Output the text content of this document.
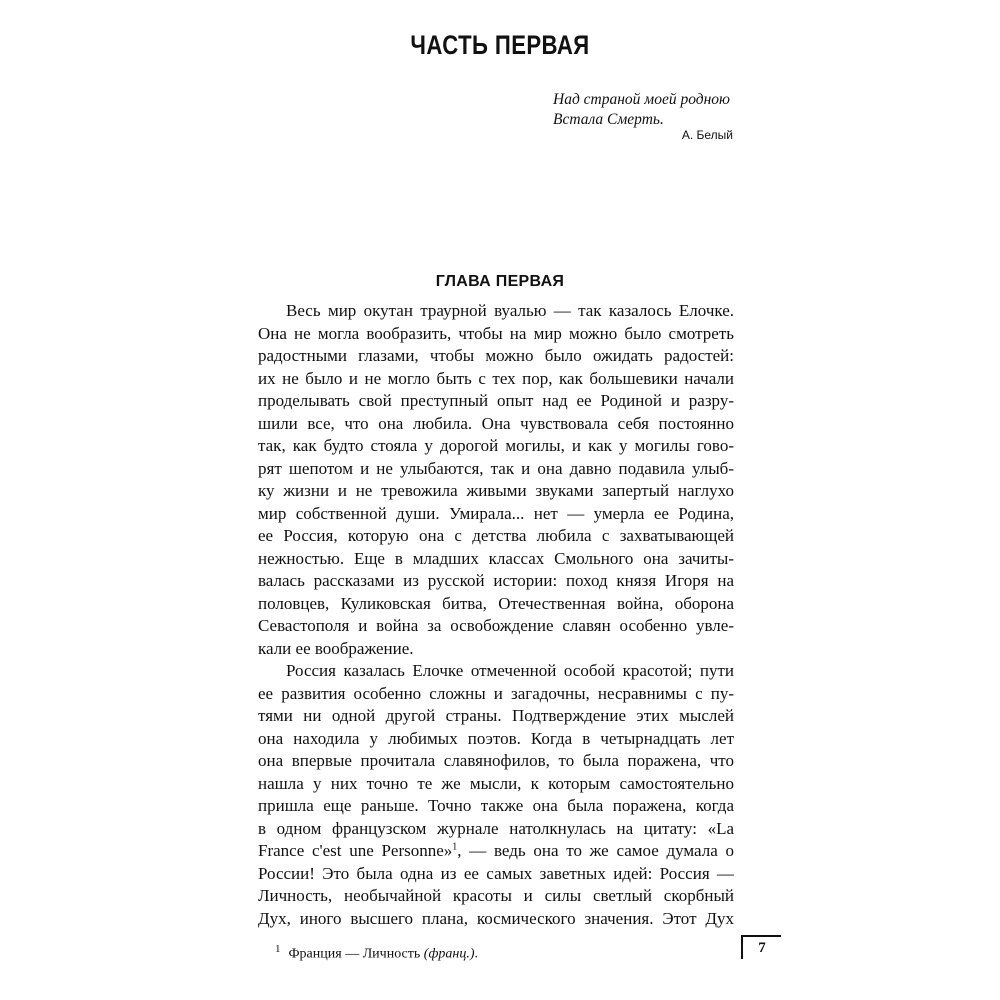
ЧАСТЬ ПЕРВАЯ
Над страной моей родною
Встала Смерть.
А. Белый
ГЛАВА ПЕРВАЯ
Весь мир окутан траурной вуалью — так казалось Елочке.
Она не могла вообразить, чтобы на мир можно было смотреть
радостными глазами, чтобы можно было ожидать радостей:
их не было и не могло быть с тех пор, как большевики начали
проделывать свой преступный опыт над ее Родиной и разру-
шили все, что она любила. Она чувствовала себя постоянно
так, как будто стояла у дорогой могилы, и как у могилы гово-
рят шепотом и не улыбаются, так и она давно подавила улыб-
ку жизни и не тревожила живыми звуками запертый наглухо
мир собственной души. Умирала... нет — умерла ее Родина,
ее Россия, которую она с детства любила с захватывающей
нежностью. Еще в младших классах Смольного она зачиты-
валась рассказами из русской истории: поход князя Игоря на
половцев, Куликовская битва, Отечественная война, оборона
Севастополя и война за освобождение славян особенно увле-
кали ее воображение.
Россия казалась Елочке отмеченной особой красотой; пути
ее развития особенно сложны и загадочны, несравнимы с пу-
тями ни одной другой страны. Подтверждение этих мыслей
она находила у любимых поэтов. Когда в четырнадцать лет
она впервые прочитала славянофилов, то была поражена, что
нашла у них точно те же мысли, к которым самостоятельно
пришла еще раньше. Точно также она была поражена, когда
в одном французском журнале натолкнулась на цитату: «La
France c'est une Personne»$^1$, — ведь она то же самое думала о
России! Это была одна из ее самых заветных идей: Россия —
Личность, необычайной красоты и силы светлый скорбный
Дух, иного высшего плана, космического значения. Этот Дух
$^1$ Франция — Личность (франц.).	7
